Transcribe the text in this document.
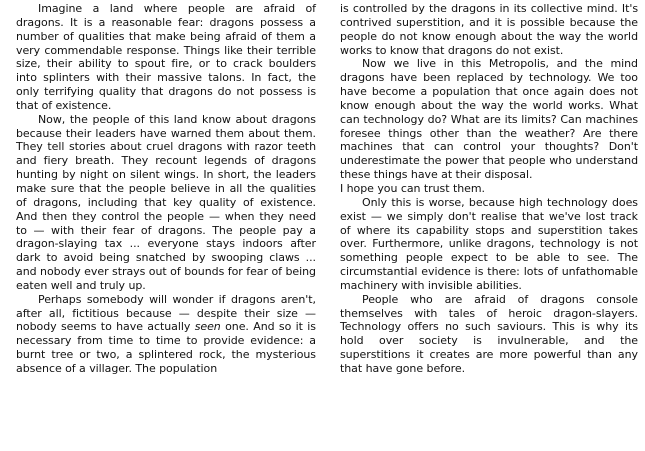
Imagine a land where people are afraid of dragons. It is a reasonable fear: dragons possess a number of qualities that make being afraid of them a very commendable response. Things like their terrible size, their ability to spout fire, or to crack boulders into splinters with their massive talons. In fact, the only terrifying quality that dragons do not possess is that of existence.

Now, the people of this land know about dragons because their leaders have warned them about them. They tell stories about cruel dragons with razor teeth and fiery breath. They recount legends of dragons hunting by night on silent wings. In short, the leaders make sure that the people believe in all the qualities of dragons, including that key quality of existence. And then they control the people — when they need to — with their fear of dragons. The people pay a dragon-slaying tax ... everyone stays indoors after dark to avoid being snatched by swooping claws ... and nobody ever strays out of bounds for fear of being eaten well and truly up.

Perhaps somebody will wonder if dragons aren't, after all, fictitious because — despite their size — nobody seems to have actually seen one. And so it is necessary from time to time to provide evidence: a burnt tree or two, a splintered rock, the mysterious absence of a villager. The population

is controlled by the dragons in its collective mind. It's contrived superstition, and it is possible because the people do not know enough about the way the world works to know that dragons do not exist.

Now we live in this Metropolis, and the mind dragons have been replaced by technology. We too have become a population that once again does not know enough about the way the world works. What can technology do? What are its limits? Can machines foresee things other than the weather? Are there machines that can control your thoughts? Don't underestimate the power that people who understand these things have at their disposal.

I hope you can trust them.

Only this is worse, because high technology does exist — we simply don't realise that we've lost track of where its capability stops and superstition takes over. Furthermore, unlike dragons, technology is not something people expect to be able to see. The circumstantial evidence is there: lots of unfathomable machinery with invisible abilities.

People who are afraid of dragons console themselves with tales of heroic dragon-slayers. Technology offers no such saviours. This is why its hold over society is invulnerable, and the superstitions it creates are more powerful than any that have gone before.
